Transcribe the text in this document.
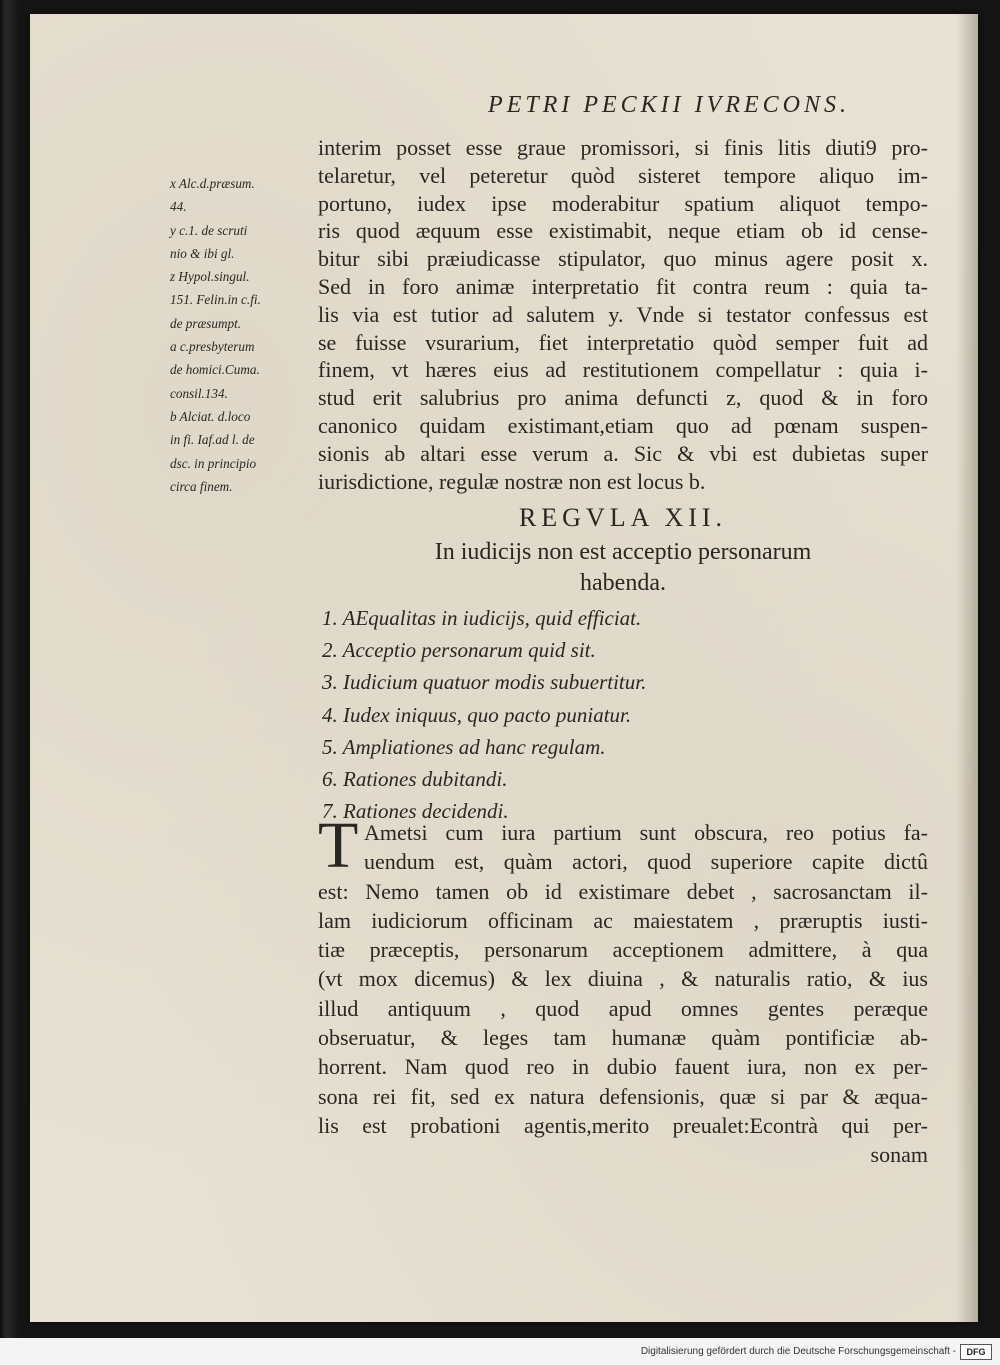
PETRI PECKII IVRECONS.
x Alc.d.præsum.
44.
y c.1. de scruti
nio & ibi gl.
z Hypol.singul.
151. Felin.in c.fi.
de præsumpt.
a c.presbyterum
de homici.Cuma.
consil.134.
b Alciat. d.loco
in fi. Iaf.ad l. de
dsc. in principio
circa finem.
interim posset esse graue promissori, si finis litis diuti9 pro-
telaretur, vel peteretur quòd sisteret tempore aliquo im-
portuno, iudex ipse moderabitur spatium aliquot tempo-
ris quod æquum esse existimabit, neque etiam ob id cense-
bitur sibi præiudicasse stipulator, quo minus agere posit x.
Sed in foro animæ interpretatio fit contra reum : quia ta-
lis via est tutior ad salutem y. Vnde si testator confessus est
se fuisse vsurarium, fiet interpretatio quòd semper fuit ad
finem, vt hæres eius ad restitutionem compellatur : quia i-
stud erit salubrius pro anima defuncti z, quod & in foro
canonico quidam existimant,etiam quo ad pœnam suspen-
sionis ab altari esse verum a. Sic & vbi est dubietas super
iurisdictione, regulæ nostræ non est locus b.
REGVLA XII.
In iudicijs non est acceptio personarum
habenda.
1. AEqualitas in iudicijs, quid efficiat.
2. Acceptio personarum quid sit.
3. Iudicium quatuor modis subuertitur.
4. Iudex iniquus, quo pacto puniatur.
5. Ampliationes ad hanc regulam.
6. Rationes dubitandi.
7. Rationes decidendi.
T Ametsi cum iura partium sunt obscura, reo potius fa-
uendum est, quàm actori, quod superiore capite dictû
est: Nemo tamen ob id existimare debet , sacrosanctam il-
lam iudiciorum officinam ac maiestatem , præruptis iusti-
tiæ præceptis, personarum acceptionem admittere, à qua
(vt mox dicemus) & lex diuina , & naturalis ratio, & ius
illud antiquum , quod apud omnes gentes peræque
obseruatur, & leges tam humanæ quàm pontificiæ ab-
horrent. Nam quod reo in dubio fauent iura, non ex per-
sona rei fit, sed ex natura defensionis, quæ si par & æqua-
lis est probationi agentis,merito preualet:Econtrà qui per-
sonam
Digitalisierung gefördert durch die Deutsche Forschungsgemeinschaft -	DFG
